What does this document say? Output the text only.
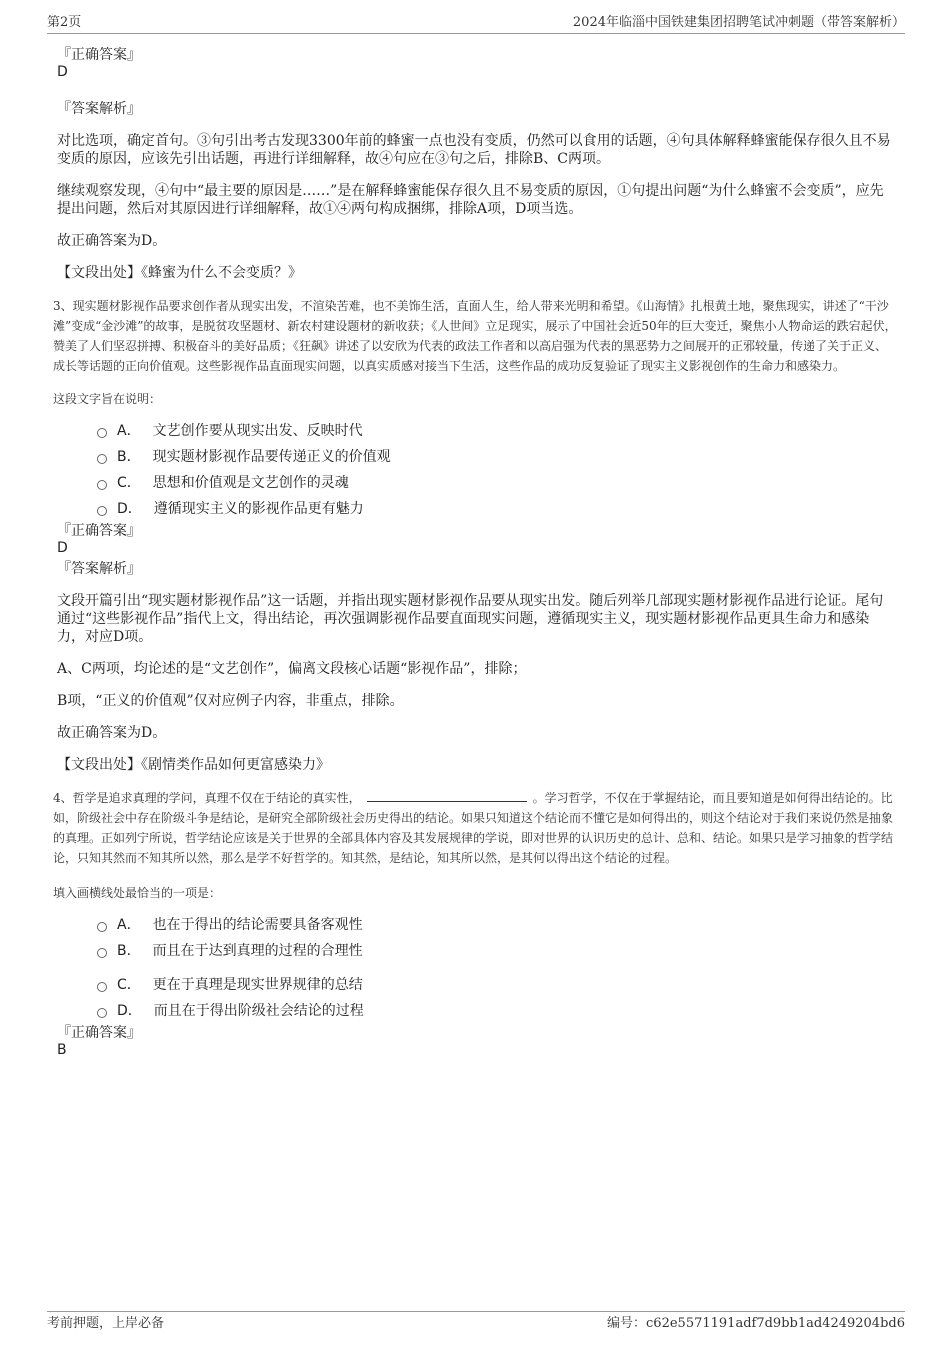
第2页	2024年临淄中国铁建集团招聘笔试冲刺题（带答案解析）

『正确答案』

D

『答案解析』

对比选项，确定首句。③句引出考古发现3300年前的蜂蜜一点也没有变质，仍然可以食用的话题，④句具体解释蜂蜜能保存很久且不易变质的原因，应该先引出话题，再进行详细解释，故④句应在③句之后，排除B、C两项。

继续观察发现，④句中“最主要的原因是……”是在解释蜂蜜能保存很久且不易变质的原因，①句提出问题“为什么蜂蜜不会变质”，应先提出问题，然后对其原因进行详细解释，故①④两句构成捆绑，排除A项，D项当选。

故正确答案为D。

【文段出处】《蜂蜜为什么不会变质？》

3、现实题材影视作品要求创作者从现实出发，不渲染苦难，也不美饰生活，直面人生，给人带来光明和希望。《山海情》扎根黄土地，聚焦现实，讲述了“干沙滩”变成“金沙滩”的故事，是脱贫攻坚题材、新农村建设题材的新收获；《人世间》立足现实，展示了中国社会近50年的巨大变迁，聚焦小人物命运的跌宕起伏，赞美了人们坚忍拼搏、积极奋斗的美好品质；《狂飙》讲述了以安欣为代表的政法工作者和以高启强为代表的黑恶势力之间展开的正邪较量，传递了关于正义、成长等话题的正向价值观。这些影视作品直面现实问题，以真实质感对接当下生活，这些作品的成功反复验证了现实主义影视创作的生命力和感染力。

这段文字旨在说明：

A． 文艺创作要从现实出发、反映时代
B． 现实题材影视作品要传递正义的价值观
C． 思想和价值观是文艺创作的灵魂
D． 遵循现实主义的影视作品更有魅力

『正确答案』

D

『答案解析』

文段开篇引出“现实题材影视作品”这一话题，并指出现实题材影视作品要从现实出发。随后列举几部现实题材影视作品进行论证。尾句通过“这些影视作品”指代上文，得出结论，再次强调影视作品要直面现实问题，遵循现实主义，现实题材影视作品更具生命力和感染力，对应D项。

A、C两项，均论述的是“文艺创作”，偏离文段核心话题“影视作品”，排除；

B项，“正义的价值观”仅对应例子内容，非重点，排除。

故正确答案为D。

【文段出处】《剧情类作品如何更富感染力》

4、哲学是追求真理的学问，真理不仅在于结论的真实性，	。学习哲学，不仅在于掌握结论，而且要知道是如何得出结论的。比如，阶级社会中存在阶级斗争是结论，是研究全部阶级社会历史得出的结论。如果只知道这个结论而不懂它是如何得出的，则这个结论对于我们来说仍然是抽象的真理。正如列宁所说，哲学结论应该是关于世界的全部具体内容及其发展规律的学说，即对世界的认识历史的总计、总和、结论。如果只是学习抽象的哲学结论，只知其然而不知其所以然，那么是学不好哲学的。知其然，是结论，知其所以然，是其何以得出这个结论的过程。

填入画横线处最恰当的一项是：

A． 也在于得出的结论需要具备客观性
B． 而且在于达到真理的过程的合理性
C． 更在于真理是现实世界规律的总结
D． 而且在于得出阶级社会结论的过程

『正确答案』

B

考前押题，上岸必备	编号：c62e5571191adf7d9bb1ad4249204bd6
